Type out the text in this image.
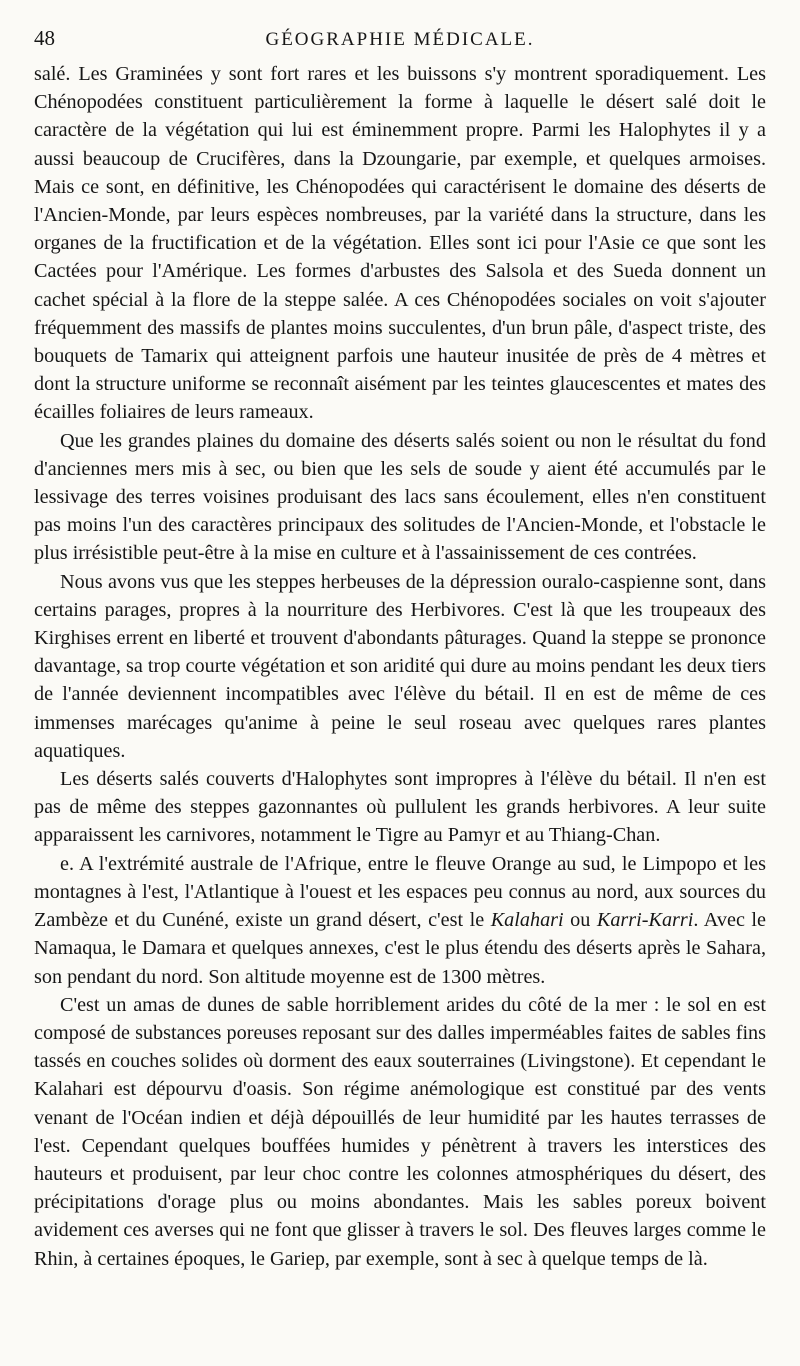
48	GÉOGRAPHIE MÉDICALE.

salé. Les Graminées y sont fort rares et les buissons s'y montrent sporadiquement. Les Chénopodées constituent particulièrement la forme à laquelle le désert salé doit le caractère de la végétation qui lui est éminemment propre. Parmi les Halophytes il y a aussi beaucoup de Crucifères, dans la Dzoungarie, par exemple, et quelques armoises. Mais ce sont, en définitive, les Chénopodées qui caractérisent le domaine des déserts de l'Ancien-Monde, par leurs espèces nombreuses, par la variété dans la structure, dans les organes de la fructification et de la végétation. Elles sont ici pour l'Asie ce que sont les Cactées pour l'Amérique. Les formes d'arbustes des Salsola et des Sueda donnent un cachet spécial à la flore de la steppe salée. A ces Chénopodées sociales on voit s'ajouter fréquemment des massifs de plantes moins succulentes, d'un brun pâle, d'aspect triste, des bouquets de Tamarix qui atteignent parfois une hauteur inusitée de près de 4 mètres et dont la structure uniforme se reconnaît aisément par les teintes glaucescentes et mates des écailles foliaires de leurs rameaux.

Que les grandes plaines du domaine des déserts salés soient ou non le résultat du fond d'anciennes mers mis à sec, ou bien que les sels de soude y aient été accumulés par le lessivage des terres voisines produisant des lacs sans écoulement, elles n'en constituent pas moins l'un des caractères principaux des solitudes de l'Ancien-Monde, et l'obstacle le plus irrésistible peut-être à la mise en culture et à l'assainissement de ces contrées.

Nous avons vus que les steppes herbeuses de la dépression ouralo-caspienne sont, dans certains parages, propres à la nourriture des Herbivores. C'est là que les troupeaux des Kirghises errent en liberté et trouvent d'abondants pâturages. Quand la steppe se prononce davantage, sa trop courte végétation et son aridité qui dure au moins pendant les deux tiers de l'année deviennent incompatibles avec l'élève du bétail. Il en est de même de ces immenses marécages qu'anime à peine le seul roseau avec quelques rares plantes aquatiques.

Les déserts salés couverts d'Halophytes sont impropres à l'élève du bétail. Il n'en est pas de même des steppes gazonnantes où pullulent les grands herbivores. A leur suite apparaissent les carnivores, notamment le Tigre au Pamyr et au Thiang-Chan.

e. A l'extrémité australe de l'Afrique, entre le fleuve Orange au sud, le Limpopo et les montagnes à l'est, l'Atlantique à l'ouest et les espaces peu connus au nord, aux sources du Zambèze et du Cunéné, existe un grand désert, c'est le Kalahari ou Karri-Karri. Avec le Namaqua, le Damara et quelques annexes, c'est le plus étendu des déserts après le Sahara, son pendant du nord. Son altitude moyenne est de 1300 mètres.

C'est un amas de dunes de sable horriblement arides du côté de la mer : le sol en est composé de substances poreuses reposant sur des dalles imperméables faites de sables fins tassés en couches solides où dorment des eaux souterraines (Livingstone). Et cependant le Kalahari est dépourvu d'oasis. Son régime anémologique est constitué par des vents venant de l'Océan indien et déjà dépouillés de leur humidité par les hautes terrasses de l'est. Cependant quelques bouffées humides y pénètrent à travers les interstices des hauteurs et produisent, par leur choc contre les colonnes atmosphériques du désert, des précipitations d'orage plus ou moins abondantes. Mais les sables poreux boivent avidement ces averses qui ne font que glisser à travers le sol. Des fleuves larges comme le Rhin, à certaines époques, le Gariep, par exemple, sont à sec à quelque temps de là.
